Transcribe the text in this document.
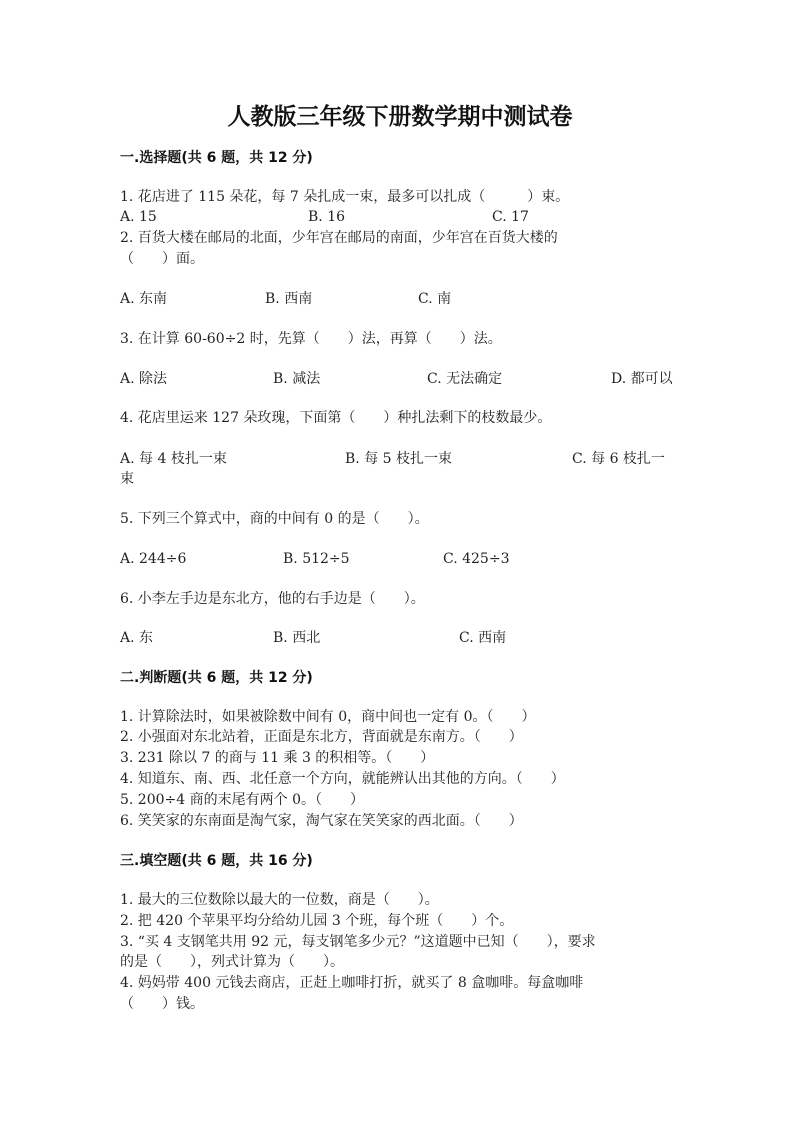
人教版三年级下册数学期中测试卷
一.选择题(共 6 题，共 12 分)
1. 花店进了 115 朵花，每 7 朵扎成一束，最多可以扎成（　　　）束。
A. 15	B. 16	C. 17
2. 百货大楼在邮局的北面，少年宫在邮局的南面，少年宫在百货大楼的
（　　）面。
A. 东南	B. 西南	C. 南
3. 在计算 60-60÷2 时，先算（　　）法，再算（　　）法。
A. 除法	B. 减法	C. 无法确定	D. 都可以
4. 花店里运来 127 朵玫瑰，下面第（　　）种扎法剩下的枝数最少。
A. 每 4 枝扎一束	B. 每 5 枝扎一束	C. 每 6 枝扎一
束
5. 下列三个算式中，商的中间有 0 的是（　　）。
A. 244÷6	B. 512÷5	C. 425÷3
6. 小李左手边是东北方，他的右手边是（　　）。
A. 东	B. 西北	C. 西南
二.判断题(共 6 题，共 12 分)
1. 计算除法时，如果被除数中间有 0，商中间也一定有 0。（　　）
2. 小强面对东北站着，正面是东北方，背面就是东南方。（　　）
3. 231 除以 7 的商与 11 乘 3 的积相等。（　　）
4. 知道东、南、西、北任意一个方向，就能辨认出其他的方向。（　　）
5. 200÷4 商的末尾有两个 0。（　　）
6. 笑笑家的东南面是淘气家，淘气家在笑笑家的西北面。（　　）
三.填空题(共 6 题，共 16 分)
1. 最大的三位数除以最大的一位数，商是（　　）。
2. 把 420 个苹果平均分给幼儿园 3 个班，每个班（　　）个。
3. “买 4 支钢笔共用 92 元，每支钢笔多少元？”这道题中已知（　　），要求
的是（　　），列式计算为（　　）。
4. 妈妈带 400 元钱去商店，正赶上咖啡打折，就买了 8 盒咖啡。每盒咖啡
（　　）钱。
